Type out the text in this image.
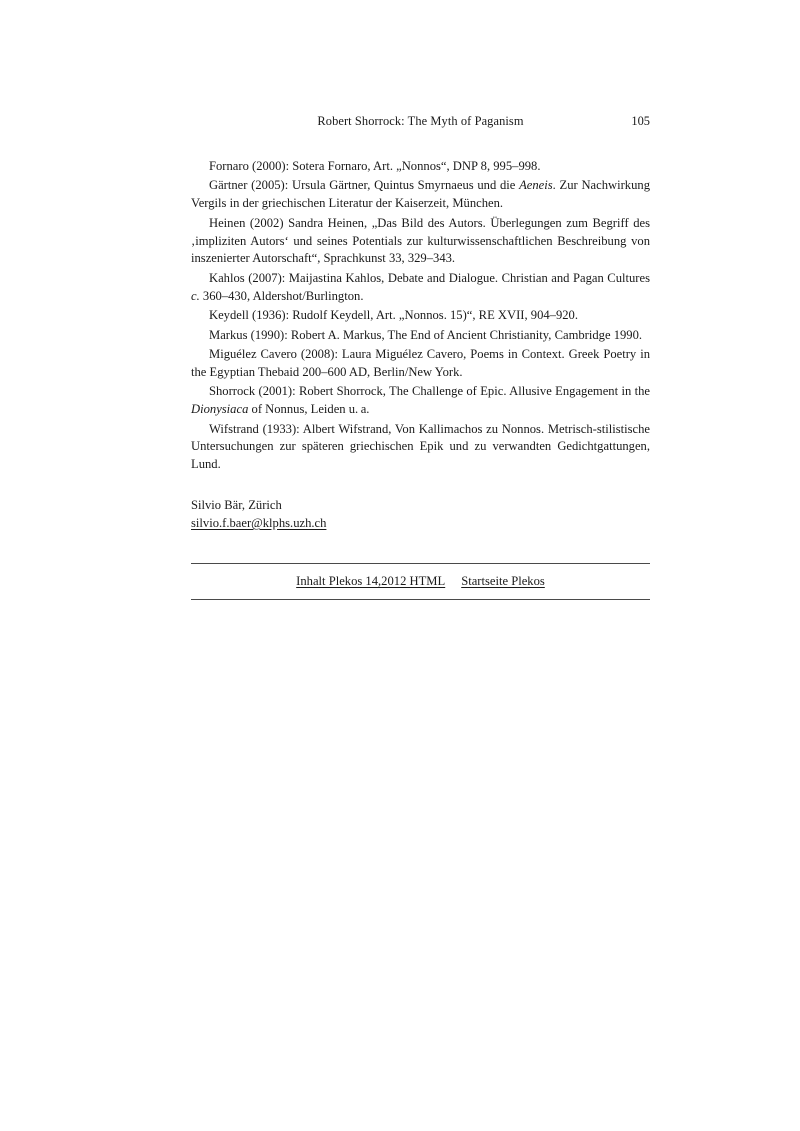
Robert Shorrock: The Myth of Paganism	105

Fornaro (2000): Sotera Fornaro, Art. „Nonnos“, DNP 8, 995–998.

Gärtner (2005): Ursula Gärtner, Quintus Smyrnaeus und die Aeneis. Zur Nachwirkung Vergils in der griechischen Literatur der Kaiserzeit, München.

Heinen (2002) Sandra Heinen, „Das Bild des Autors. Überlegungen zum Begriff des ‚impliziten Autors‘ und seines Potentials zur kulturwissenschaftlichen Beschreibung von inszenierter Autorschaft“, Sprachkunst 33, 329–343.

Kahlos (2007): Maijastina Kahlos, Debate and Dialogue. Christian and Pagan Cultures c. 360–430, Aldershot/Burlington.

Keydell (1936): Rudolf Keydell, Art. „Nonnos. 15)“, RE XVII, 904–920.

Markus (1990): Robert A. Markus, The End of Ancient Christianity, Cambridge 1990.

Miguélez Cavero (2008): Laura Miguélez Cavero, Poems in Context. Greek Poetry in the Egyptian Thebaid 200–600 AD, Berlin/New York.

Shorrock (2001): Robert Shorrock, The Challenge of Epic. Allusive Engagement in the Dionysiaca of Nonnus, Leiden u. a.

Wifstrand (1933): Albert Wifstrand, Von Kallimachos zu Nonnos. Metrisch-stilistische Untersuchungen zur späteren griechischen Epik und zu verwandten Gedichtgattungen, Lund.

Silvio Bär, Zürich
silvio.f.baer@klphs.uzh.ch
Inhalt Plekos 14,2012 HTML Startseite Plekos
